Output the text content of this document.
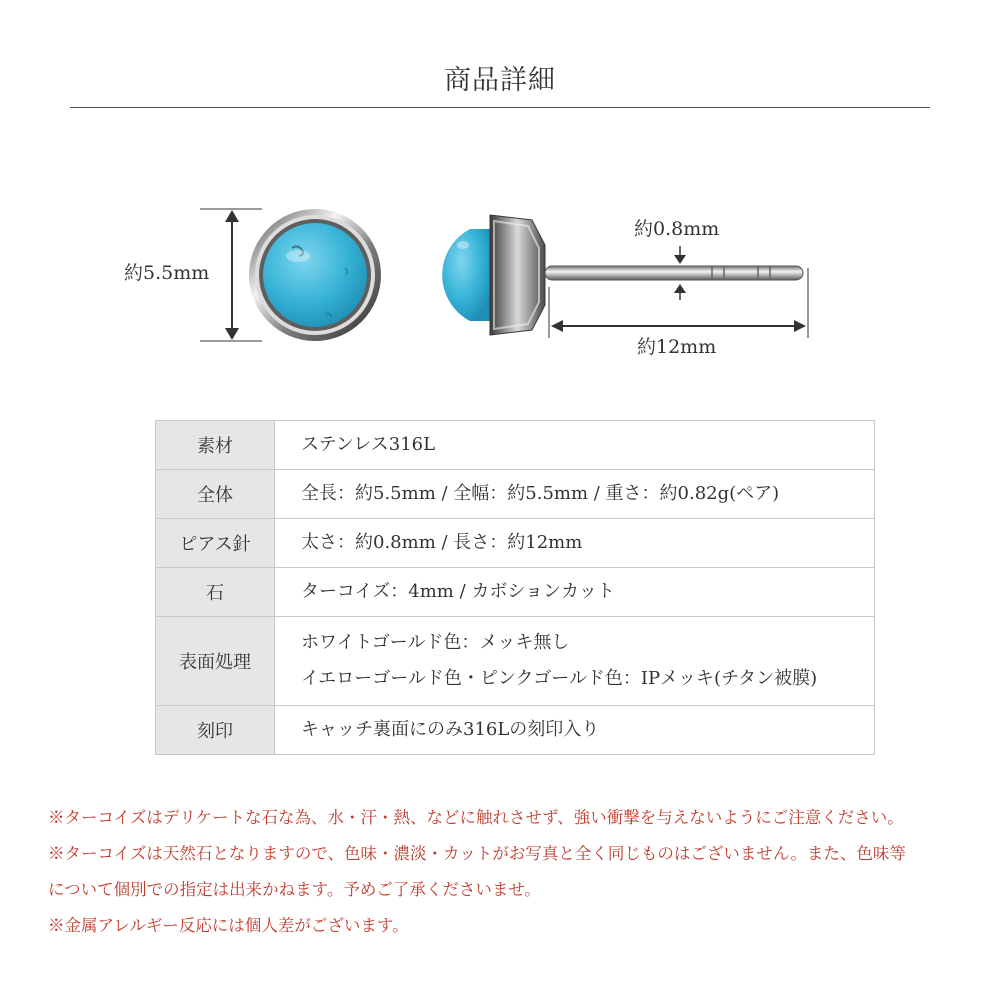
商品詳細
約5.5mm
約0.8mm
約12mm
素材	ステンレス316L

全体	全長：約5.5mm / 全幅：約5.5mm / 重さ：約0.82g(ペア)

ピアス針	太さ：約0.8mm / 長さ：約12mm

石	ターコイズ：4mm / カボションカット

表面処理	ホワイトゴールド色：メッキ無し
イエローゴールド色・ピンクゴールド色：IPメッキ(チタン被膜)

刻印	キャッチ裏面にのみ316Lの刻印入り

※ターコイズはデリケートな石な為、水・汗・熱、などに触れさせず、強い衝撃を与えないようにご注意ください。

※ターコイズは天然石となりますので、色味・濃淡・カットがお写真と全く同じものはございません。また、色味等

について個別での指定は出来かねます。予めご了承くださいませ。

※金属アレルギー反応には個人差がございます。
